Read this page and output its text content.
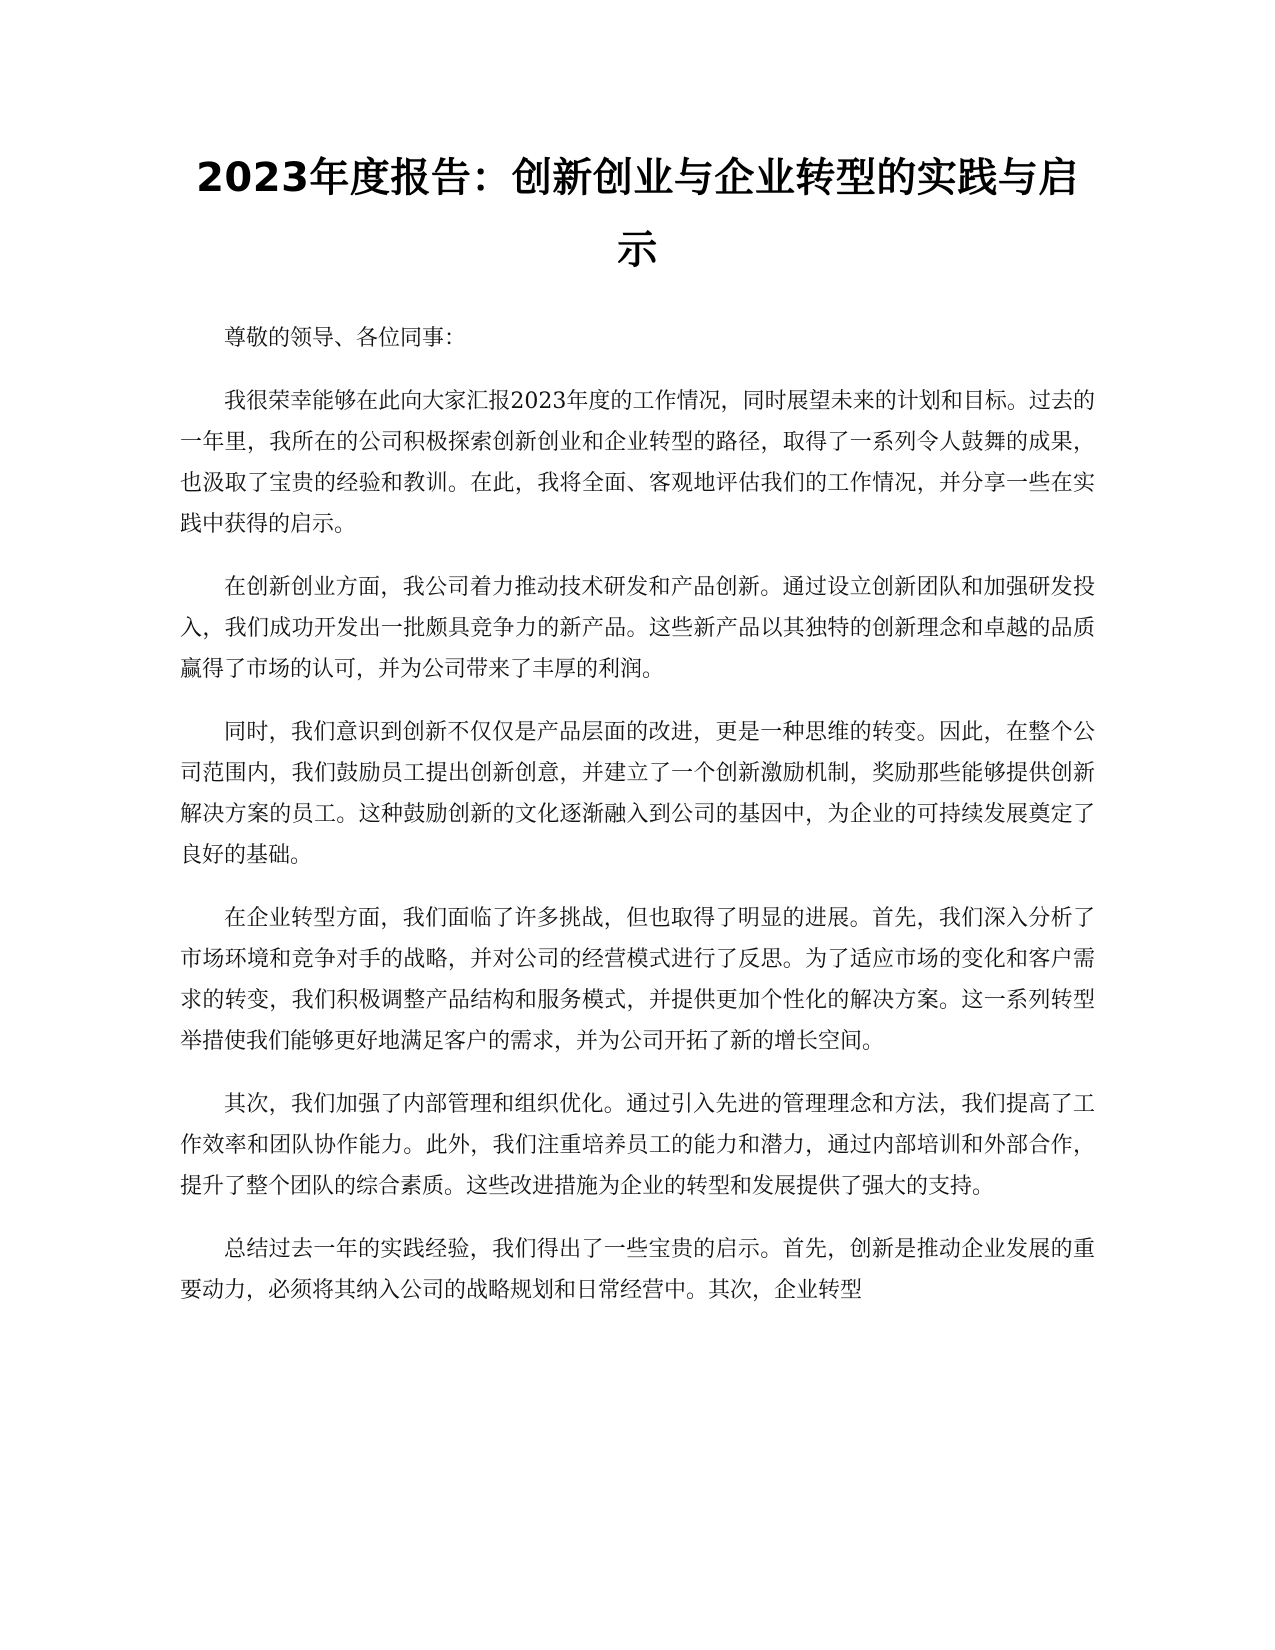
2023年度报告：创新创业与企业转型的实践与启示

尊敬的领导、各位同事：

我很荣幸能够在此向大家汇报2023年度的工作情况，同时展望未来的计划和目标。过去的一年里，我所在的公司积极探索创新创业和企业转型的路径，取得了一系列令人鼓舞的成果，也汲取了宝贵的经验和教训。在此，我将全面、客观地评估我们的工作情况，并分享一些在实践中获得的启示。

在创新创业方面，我公司着力推动技术研发和产品创新。通过设立创新团队和加强研发投入，我们成功开发出一批颇具竞争力的新产品。这些新产品以其独特的创新理念和卓越的品质赢得了市场的认可，并为公司带来了丰厚的利润。

同时，我们意识到创新不仅仅是产品层面的改进，更是一种思维的转变。因此，在整个公司范围内，我们鼓励员工提出创新创意，并建立了一个创新激励机制，奖励那些能够提供创新解决方案的员工。这种鼓励创新的文化逐渐融入到公司的基因中，为企业的可持续发展奠定了良好的基础。

在企业转型方面，我们面临了许多挑战，但也取得了明显的进展。首先，我们深入分析了市场环境和竞争对手的战略，并对公司的经营模式进行了反思。为了适应市场的变化和客户需求的转变，我们积极调整产品结构和服务模式，并提供更加个性化的解决方案。这一系列转型举措使我们能够更好地满足客户的需求，并为公司开拓了新的增长空间。

其次，我们加强了内部管理和组织优化。通过引入先进的管理理念和方法，我们提高了工作效率和团队协作能力。此外，我们注重培养员工的能力和潜力，通过内部培训和外部合作，提升了整个团队的综合素质。这些改进措施为企业的转型和发展提供了强大的支持。

总结过去一年的实践经验，我们得出了一些宝贵的启示。首先，创新是推动企业发展的重要动力，必须将其纳入公司的战略规划和日常经营中。其次，企业转型
